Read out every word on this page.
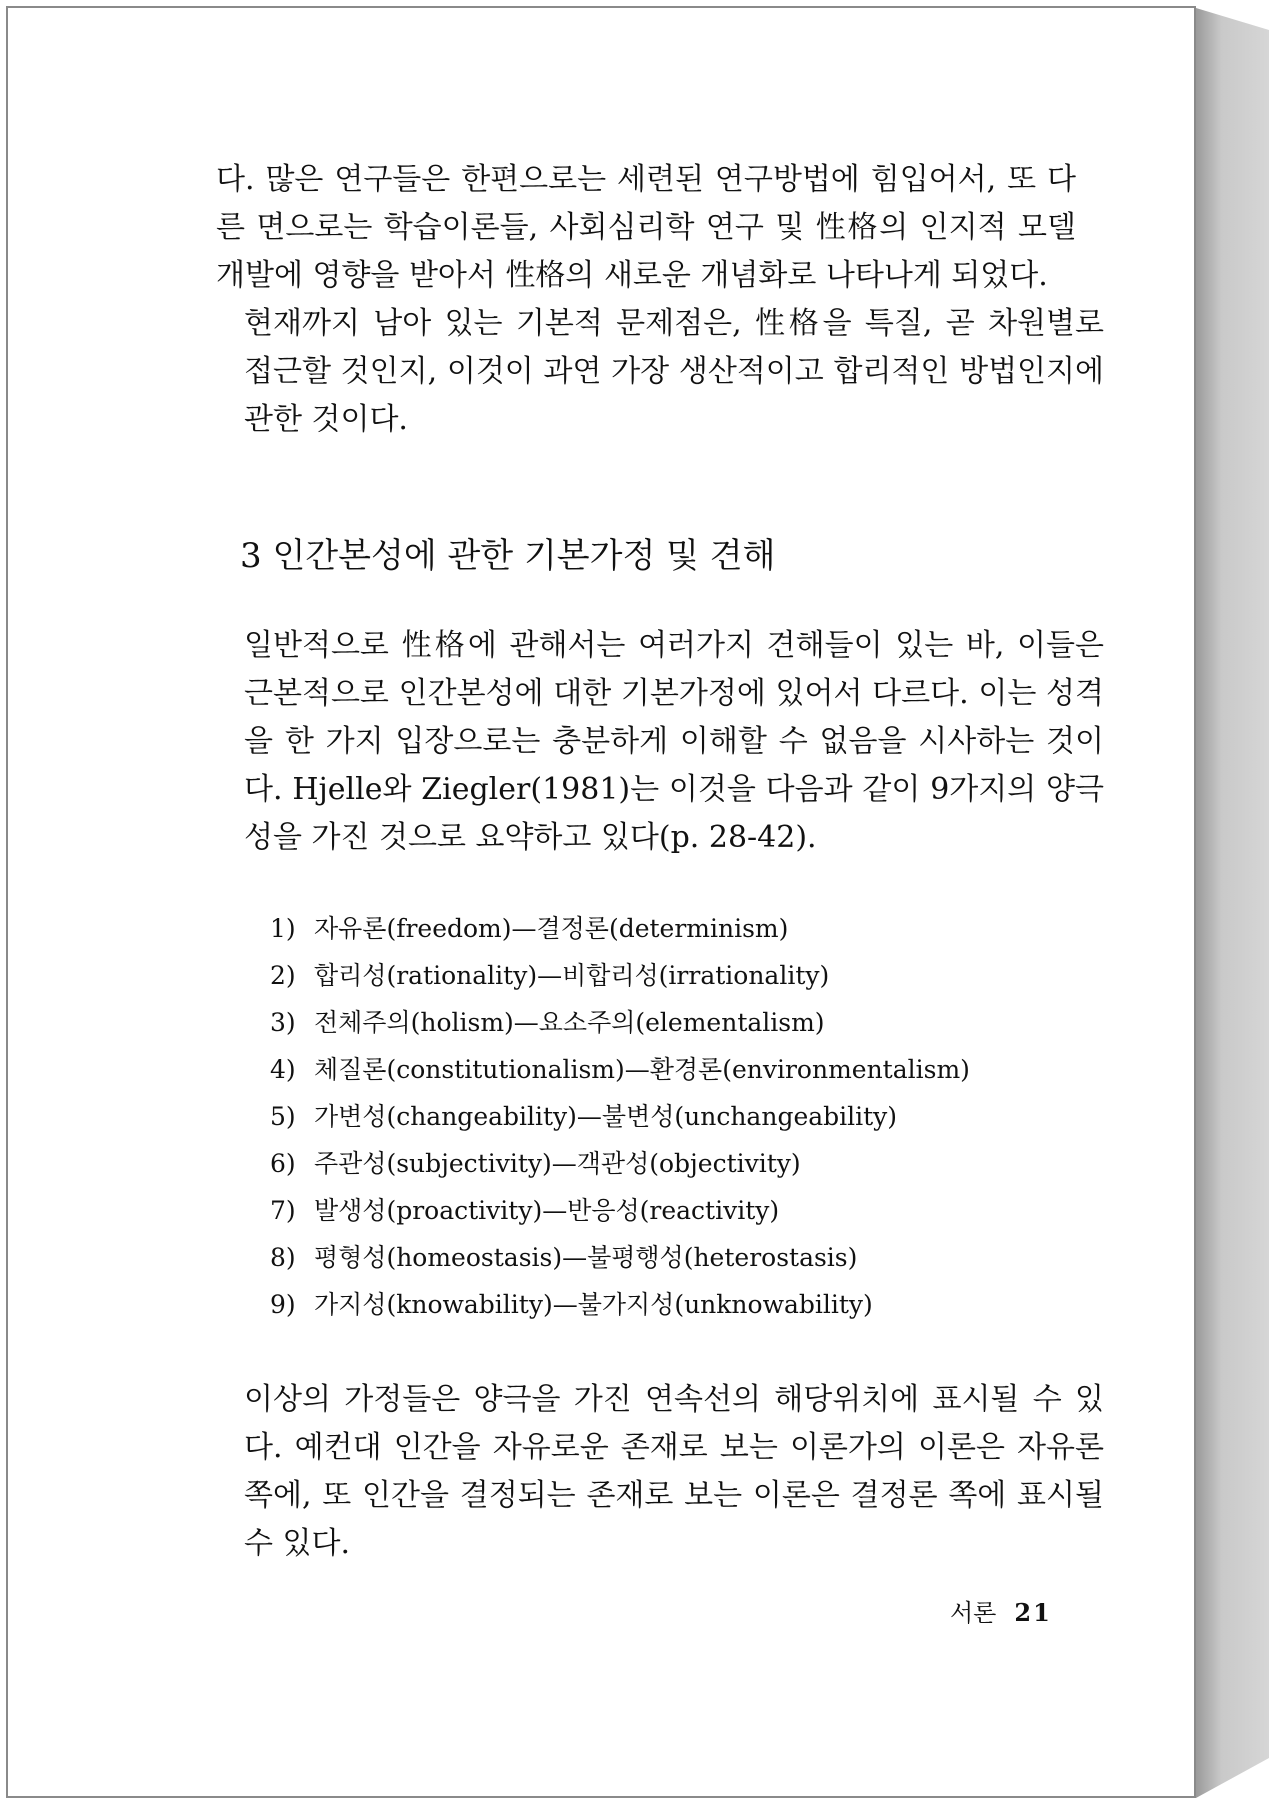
다. 많은 연구들은 한편으로는 세련된 연구방법에 힘입어서, 또 다른 면으로는 학습이론들, 사회심리학 연구 및 性格의 인지적 모델 개발에 영향을 받아서 性格의 새로운 개념화로 나타나게 되었다.

현재까지 남아 있는 기본적 문제점은, 性格을 특질, 곧 차원별로 접근할 것인지, 이것이 과연 가장 생산적이고 합리적인 방법인지에 관한 것이다.

3 인간본성에 관한 기본가정 및 견해

일반적으로 性格에 관해서는 여러가지 견해들이 있는 바, 이들은 근본적으로 인간본성에 대한 기본가정에 있어서 다르다. 이는 성격을 한 가지 입장으로는 충분하게 이해할 수 없음을 시사하는 것이다. Hjelle와 Ziegler(1981)는 이것을 다음과 같이 9가지의 양극성을 가진 것으로 요약하고 있다(p. 28-42).

1) 자유론(freedom)—결정론(determinism)
2) 합리성(rationality)—비합리성(irrationality)
3) 전체주의(holism)—요소주의(elementalism)
4) 체질론(constitutionalism)—환경론(environmentalism)
5) 가변성(changeability)—불변성(unchangeability)
6) 주관성(subjectivity)—객관성(objectivity)
7) 발생성(proactivity)—반응성(reactivity)
8) 평형성(homeostasis)—불평행성(heterostasis)
9) 가지성(knowability)—불가지성(unknowability)

이상의 가정들은 양극을 가진 연속선의 해당위치에 표시될 수 있다. 예컨대 인간을 자유로운 존재로 보는 이론가의 이론은 자유론 쪽에, 또 인간을 결정되는 존재로 보는 이론은 결정론 쪽에 표시될 수 있다.

서론 21
